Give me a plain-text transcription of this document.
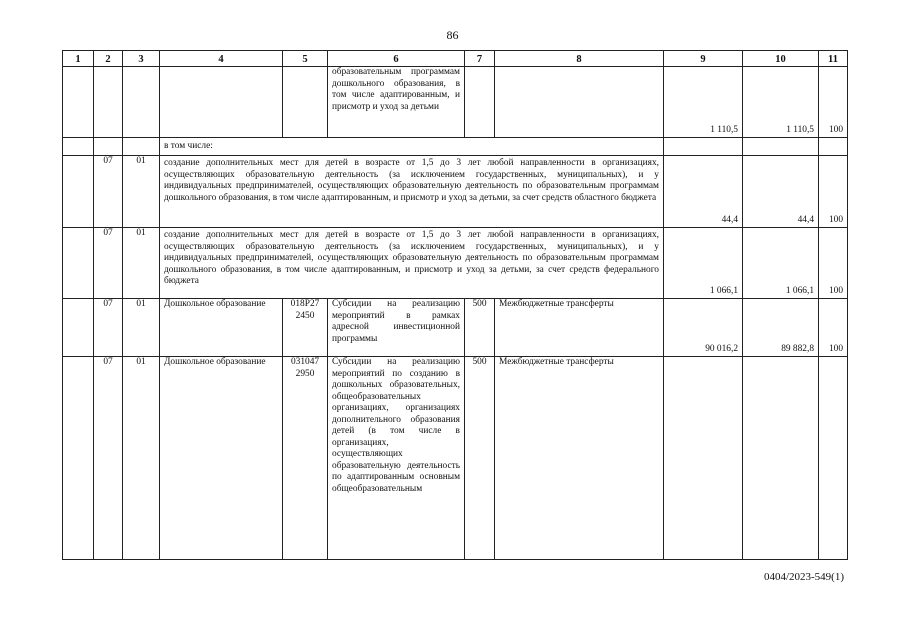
86
1	2	3	4	5	6	7	8	9	10	11
					образовательным программам дошкольного образования, в том числе адаптированным, и присмотр и уход за детьми			1 110,5	1 110,5	100
			в том числе:							
	07	01	создание дополнительных мест для детей в возрасте от 1,5 до 3 лет любой направленности в организациях, осуществляющих образовательную деятельность (за исключением государственных, муниципальных), и у индивидуальных предпринимателей, осуществляющих образовательную деятельность по образовательным программам дошкольного образования, в том числе адаптированным, и присмотр и уход за детьми, за счет средств областного бюджета					44,4	44,4	100
	07	01	создание дополнительных мест для детей в возрасте от 1,5 до 3 лет любой направленности в организациях, осуществляющих образовательную деятельность (за исключением государственных, муниципальных), и у индивидуальных предпринимателей, осуществляющих образовательную деятельность по образовательным программам дошкольного образования, в том числе адаптированным, и присмотр и уход за детьми, за счет средств федерального бюджета					1 066,1	1 066,1	100
	07	01	Дошкольное образование	018Р27 2450	Субсидии на реализацию мероприятий в рамках адресной инвестиционной программы	500	Межбюджетные трансферты	90 016,2	89 882,8	100
	07	01	Дошкольное образование	031047 2950	Субсидии на реализацию мероприятий по созданию в дошкольных образовательных, общеобразовательных организациях, организациях дополнительного образования детей (в том числе в организациях, осуществляющих образовательную деятельность по адаптированным основным общеобразовательным	500	Межбюджетные трансферты			
0404/2023-549(1)
